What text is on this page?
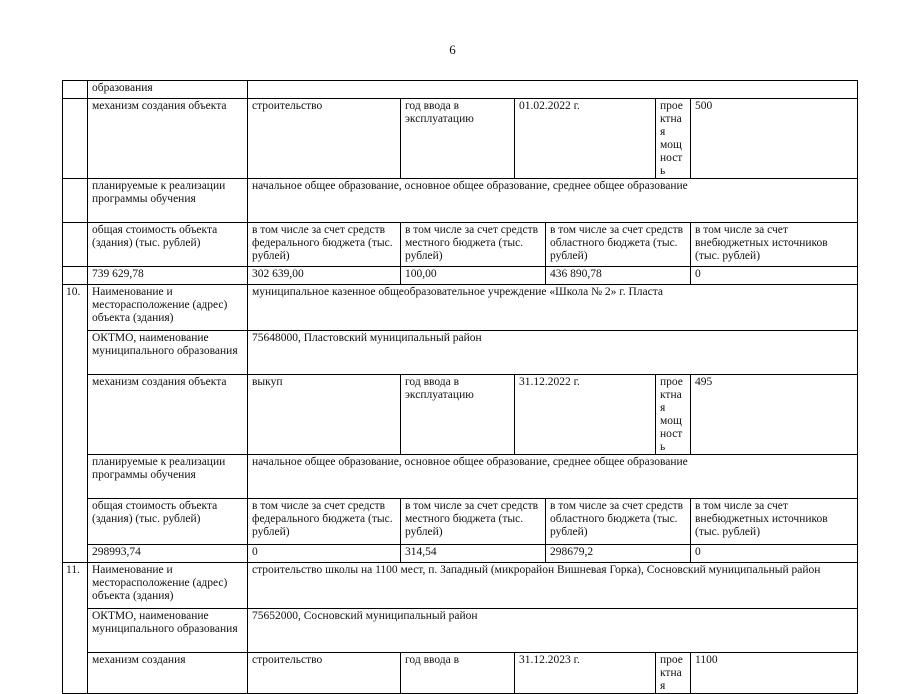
6
	образования						
	механизм создания объекта	строительство	год ввода в эксплуатацию	01.02.2022 г.		проектная мощность	500
	планируемые к реализации программы обучения	начальное общее образование, основное общее образование, среднее общее образование					
	общая стоимость объекта (здания) (тыс. рублей)	в том числе за счет средств федерального бюджета (тыс. рублей)	в том числе за счет средств местного бюджета (тыс. рублей)		в том числе за счет средств областного бюджета (тыс. рублей)		в том числе за счет внебюджетных источников (тыс. рублей)
	739 629,78	302 639,00	100,00		436 890,78		0
10.	Наименование и месторасположение (адрес) объекта (здания)	муниципальное казенное общеобразовательное учреждение «Школа № 2» г. Пласта					
	ОКТМО, наименование муниципального образования	75648000, Пластовский муниципальный район					
	механизм создания объекта	выкуп	год ввода в эксплуатацию	31.12.2022 г.		проектная мощность	495
	планируемые к реализации программы обучения	начальное общее образование, основное общее образование, среднее общее образование					
	общая стоимость объекта (здания) (тыс. рублей)	в том числе за счет средств федерального бюджета (тыс. рублей)	в том числе за счет средств местного бюджета (тыс. рублей)		в том числе за счет средств областного бюджета (тыс. рублей)		в том числе за счет внебюджетных источников (тыс. рублей)
	298993,74	0	314,54		298679,2		0
11.	Наименование и месторасположение (адрес) объекта (здания)	строительство школы на 1100 мест, п. Западный (микрорайон Вишневая Горка), Сосновский муниципальный район					
	ОКТМО, наименование муниципального образования	75652000, Сосновский муниципальный район					
	механизм создания	строительство	год ввода в	31.12.2023 г.		проектная	1100
